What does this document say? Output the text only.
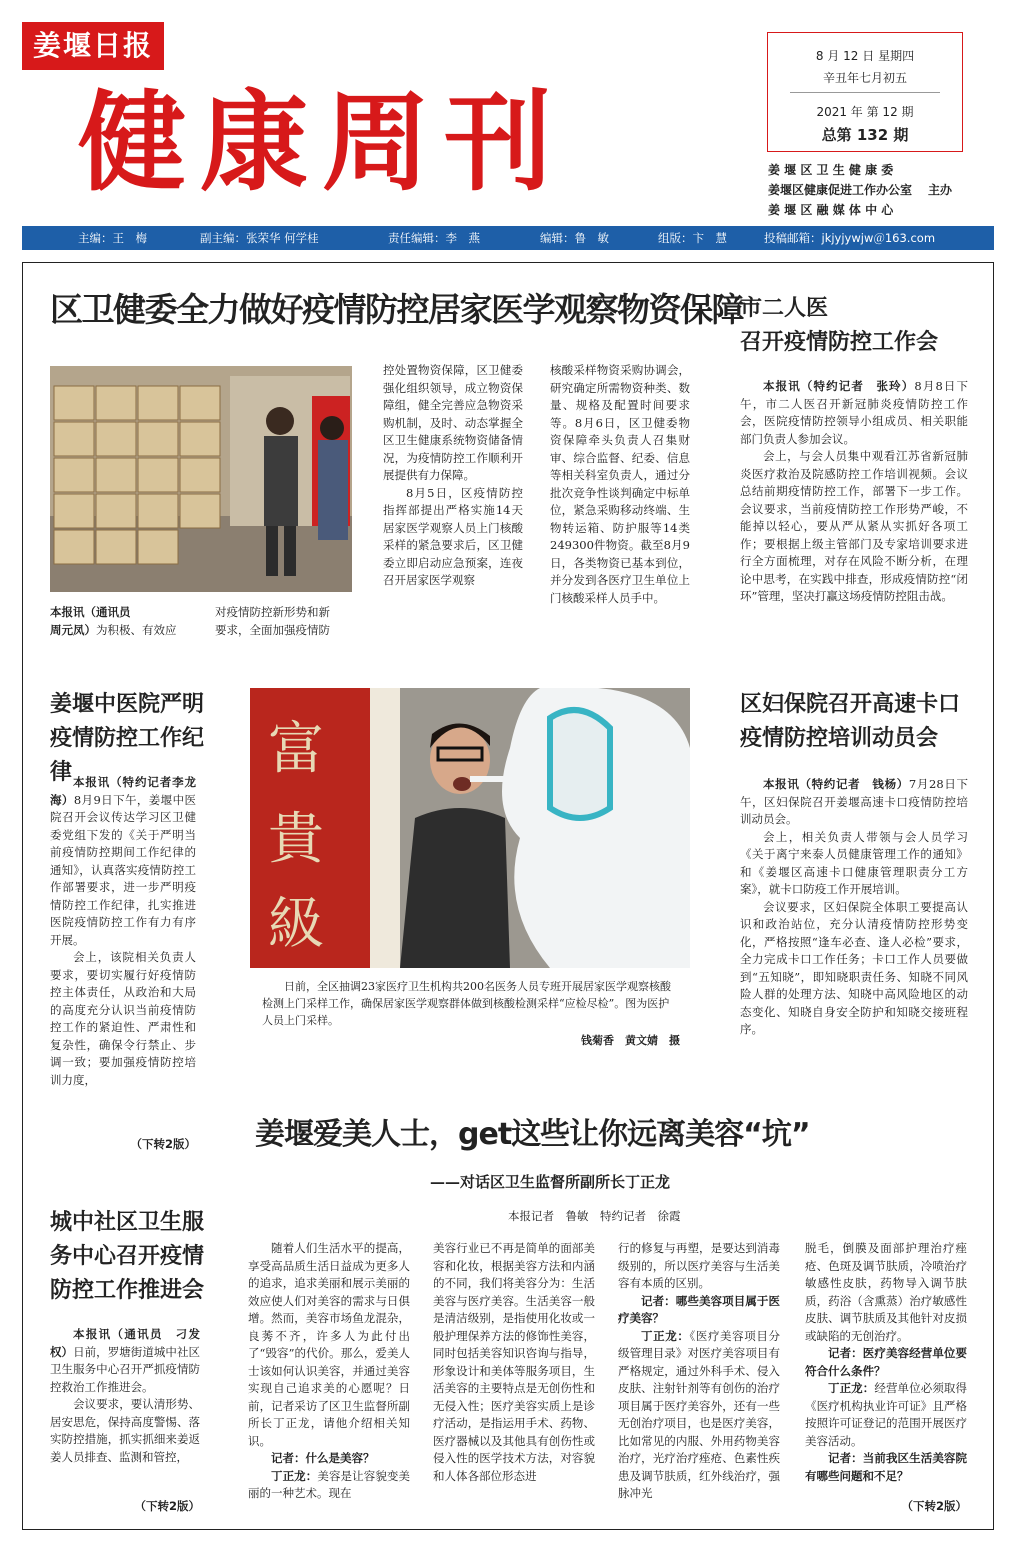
姜堰日报
健康周刊
8 月 12 日 星期四
辛丑年七月初五
2021 年 第 12 期
总第 132 期
姜 堰 区 卫 生 健 康 委
姜堰区健康促进工作办公室
姜 堰 区 融 媒 体 中 心
主办
主编：王　梅	副主编：张荣华 何学桂	责任编辑：李　燕	编辑：鲁　敏	组版：卞　慧	投稿邮箱：jkjyjywjw＠163.com
区卫健委全力做好疫情防控居家医学观察物资保障

本报讯（通讯员

周元凤）为积极、有效应

对疫情防控新形势和新

要求，全面加强疫情防

控处置物资保障，区卫健委强化组织领导，成立物资保障组，健全完善应急物资采购机制，及时、动态掌握全区卫生健康系统物资储备情况，为疫情防控工作顺利开展提供有力保障。

8月5日，区疫情防控指挥部提出严格实施14天居家医学观察人员上门核酸采样的紧急要求后，区卫健委立即启动应急预案，连夜召开居家医学观察

核酸采样物资采购协调会，研究确定所需物资种类、数量、规格及配置时间要求等。8月6日，区卫健委物资保障牵头负责人召集财审、综合监督、纪委、信息等相关科室负责人，通过分批次竞争性谈判确定中标单位，紧急采购移动终端、生物转运箱、防护服等14类249300件物资。截至8月9日，各类物资已基本到位，并分发到各医疗卫生单位上门核酸采样人员手中。

市二人医
召开疫情防控工作会

本报讯（特约记者　张玲）8月8日下午，市二人医召开新冠肺炎疫情防控工作会，医院疫情防控领导小组成员、相关职能部门负责人参加会议。

会上，与会人员集中观看江苏省新冠肺炎医疗救治及院感防控工作培训视频。会议总结前期疫情防控工作，部署下一步工作。会议要求，当前疫情防控工作形势严峻，不能掉以轻心，要从严从紧从实抓好各项工作；要根据上级主管部门及专家培训要求进行全方面梳理，对存在风险不断分析，在理论中思考，在实践中排查，形成疫情防控“闭环”管理，坚决打赢这场疫情防控阻击战。

姜堰中医院严明
疫情防控工作纪律 本报讯（特约记者李龙海）8月9日下午，姜堰中医院召开会议传达学习区卫健委党组下发的《关于严明当前疫情防控期间工作纪律的通知》，认真落实疫情防控工作部署要求，进一步严明疫情防控工作纪律，扎实推进医院疫情防控工作有力有序开展。

会上，该院相关负责人要求，要切实履行好疫情防控主体责任，从政治和大局的高度充分认识当前疫情防控工作的紧迫性、严肃性和复杂性，确保令行禁止、步调一致；要加强疫情防控培训力度，

（下转2版）
富
貴
級

日前，全区抽调23家医疗卫生机构共200名医务人员专班开展居家医学观察核酸检测上门采样工作，确保居家医学观察群体做到核酸检测采样“应检尽检”。图为医护人员上门采样。

钱菊香　黄文婧　摄
区妇保院召开高速卡口
疫情防控培训动员会

本报讯（特约记者　钱杨）7月28日下午，区妇保院召开姜堰高速卡口疫情防控培训动员会。

会上，相关负责人带领与会人员学习《关于离宁来泰人员健康管理工作的通知》和《姜堰区高速卡口健康管理职责分工方案》，就卡口防疫工作开展培训。

会议要求，区妇保院全体职工要提高认识和政治站位，充分认清疫情防控形势变化，严格按照“逢车必查、逢人必检”要求，全力完成卡口工作任务；卡口工作人员要做到“五知晓”，即知晓职责任务、知晓不同风险人群的处理方法、知晓中高风险地区的动态变化、知晓自身安全防护和知晓交接班程序。

姜堰爱美人士，get这些让你远离美容“坑”
——对话区卫生监督所副所长丁正龙
本报记者　鲁敏　特约记者　徐霞
城中社区卫生服
务中心召开疫情
防控工作推进会

本报讯（通讯员　刁发权）日前，罗塘街道城中社区卫生服务中心召开严抓疫情防控救治工作推进会。

会议要求，要认清形势、居安思危，保持高度警惕、落实防控措施，抓实抓细来姜返姜人员排查、监测和管控，

（下转2版）

随着人们生活水平的提高，享受高品质生活日益成为更多人的追求，追求美丽和展示美丽的效应使人们对美容的需求与日俱增。然而，美容市场鱼龙混杂，良莠不齐，许多人为此付出了“毁容”的代价。那么，爱美人士该如何认识美容，并通过美容实现自己追求美的心愿呢？日前，记者采访了区卫生监督所副所长丁正龙，请他介绍相关知识。

记者：什么是美容？

丁正龙：美容是让容貌变美丽的一种艺术。现在

美容行业已不再是简单的面部美容和化妆，根据美容方法和内涵的不同，我们将美容分为：生活美容与医疗美容。生活美容一般是清洁级别，是指使用化妆或一般护理保养方法的修饰性美容，同时包括美容知识咨询与指导，形象设计和美体等服务项目，生活美容的主要特点是无创伤性和无侵入性；医疗美容实质上是诊疗活动，是指运用手术、药物、医疗器械以及其他具有创伤性或侵入性的医学技术方法，对容貌和人体各部位形态进

行的修复与再塑，是要达到消毒级别的，所以医疗美容与生活美容有本质的区别。

记者：哪些美容项目属于医疗美容？

丁正龙：《医疗美容项目分级管理目录》对医疗美容项目有严格规定，通过外科手术、侵入皮肤、注射针剂等有创伤的治疗项目属于医疗美容外，还有一些无创治疗项目，也是医疗美容，比如常见的内服、外用药物美容治疗，光疗治疗痤疮、色素性疾患及调节肤质，红外线治疗，强脉冲光

脱毛，倒膜及面部护理治疗痤疮、色斑及调节肤质，冷喷治疗敏感性皮肤，药物导入调节肤质，药浴（含熏蒸）治疗敏感性皮肤、调节肤质及其他针对皮损或缺陷的无创治疗。

记者：医疗美容经营单位要符合什么条件？

丁正龙：经营单位必须取得《医疗机构执业许可证》且严格按照许可证登记的范围开展医疗美容活动。

记者：当前我区生活美容院有哪些问题和不足？

（下转2版）
